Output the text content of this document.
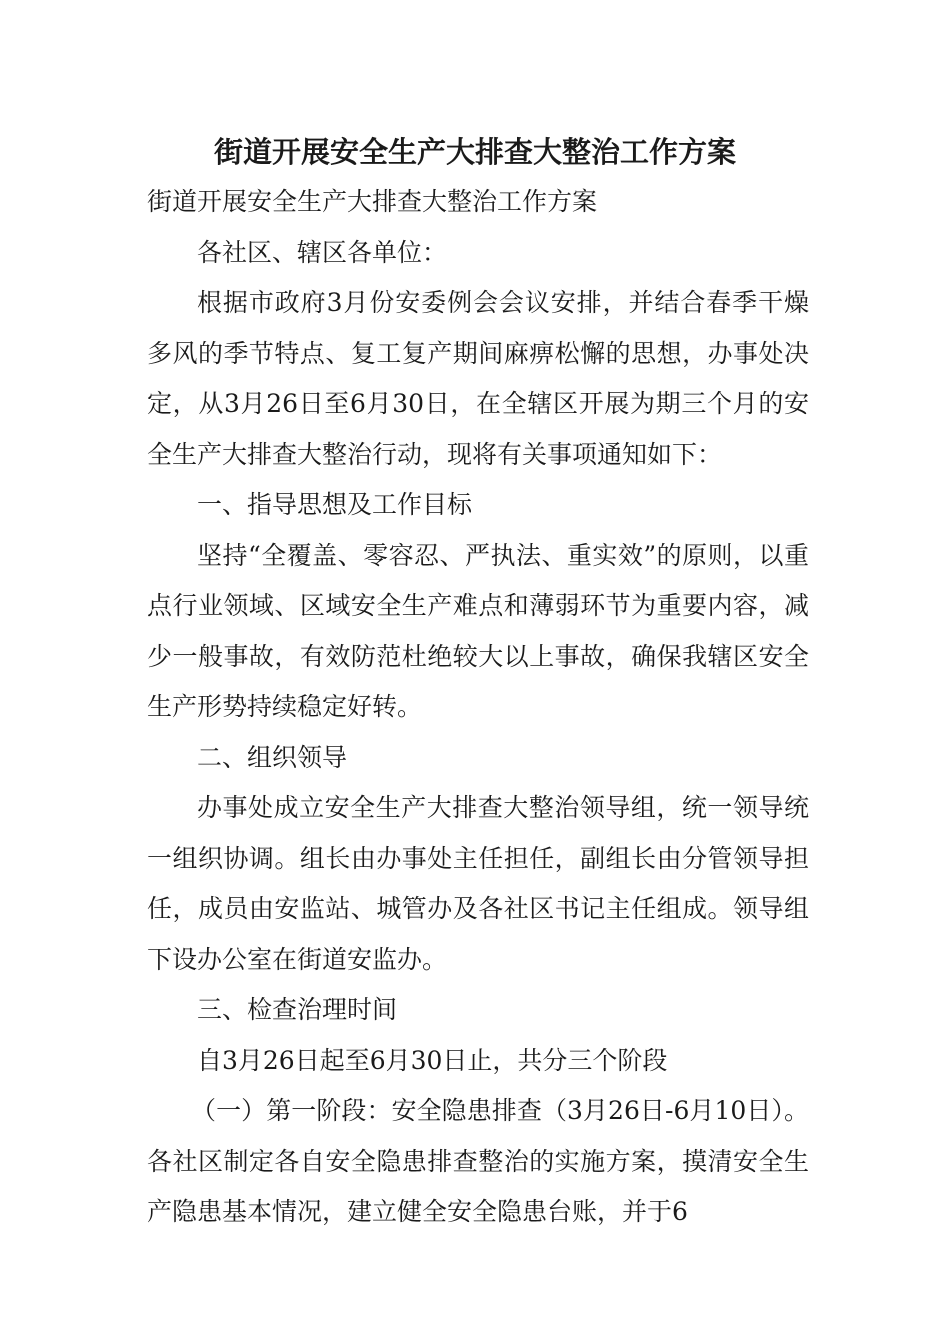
街道开展安全生产大排查大整治工作方案

街道开展安全生产大排查大整治工作方案

各社区、辖区各单位：

根据市政府3月份安委例会会议安排，并结合春季干燥多风的季节特点、复工复产期间麻痹松懈的思想，办事处决定，从3月26日至6月30日，在全辖区开展为期三个月的安全生产大排查大整治行动，现将有关事项通知如下：

一、指导思想及工作目标

坚持“全覆盖、零容忍、严执法、重实效”的原则，以重点行业领域、区域安全生产难点和薄弱环节为重要内容，减少一般事故，有效防范杜绝较大以上事故，确保我辖区安全生产形势持续稳定好转。

二、组织领导

办事处成立安全生产大排查大整治领导组，统一领导统一组织协调。组长由办事处主任担任，副组长由分管领导担任，成员由安监站、城管办及各社区书记主任组成。领导组下设办公室在街道安监办。

三、检查治理时间

自3月26日起至6月30日止，共分三个阶段

（一）第一阶段：安全隐患排查（3月26日-6月10日）。 各社区制定各自安全隐患排查整治的实施方案，摸清安全生产隐患基本情况，建立健全安全隐患台账，并于6
